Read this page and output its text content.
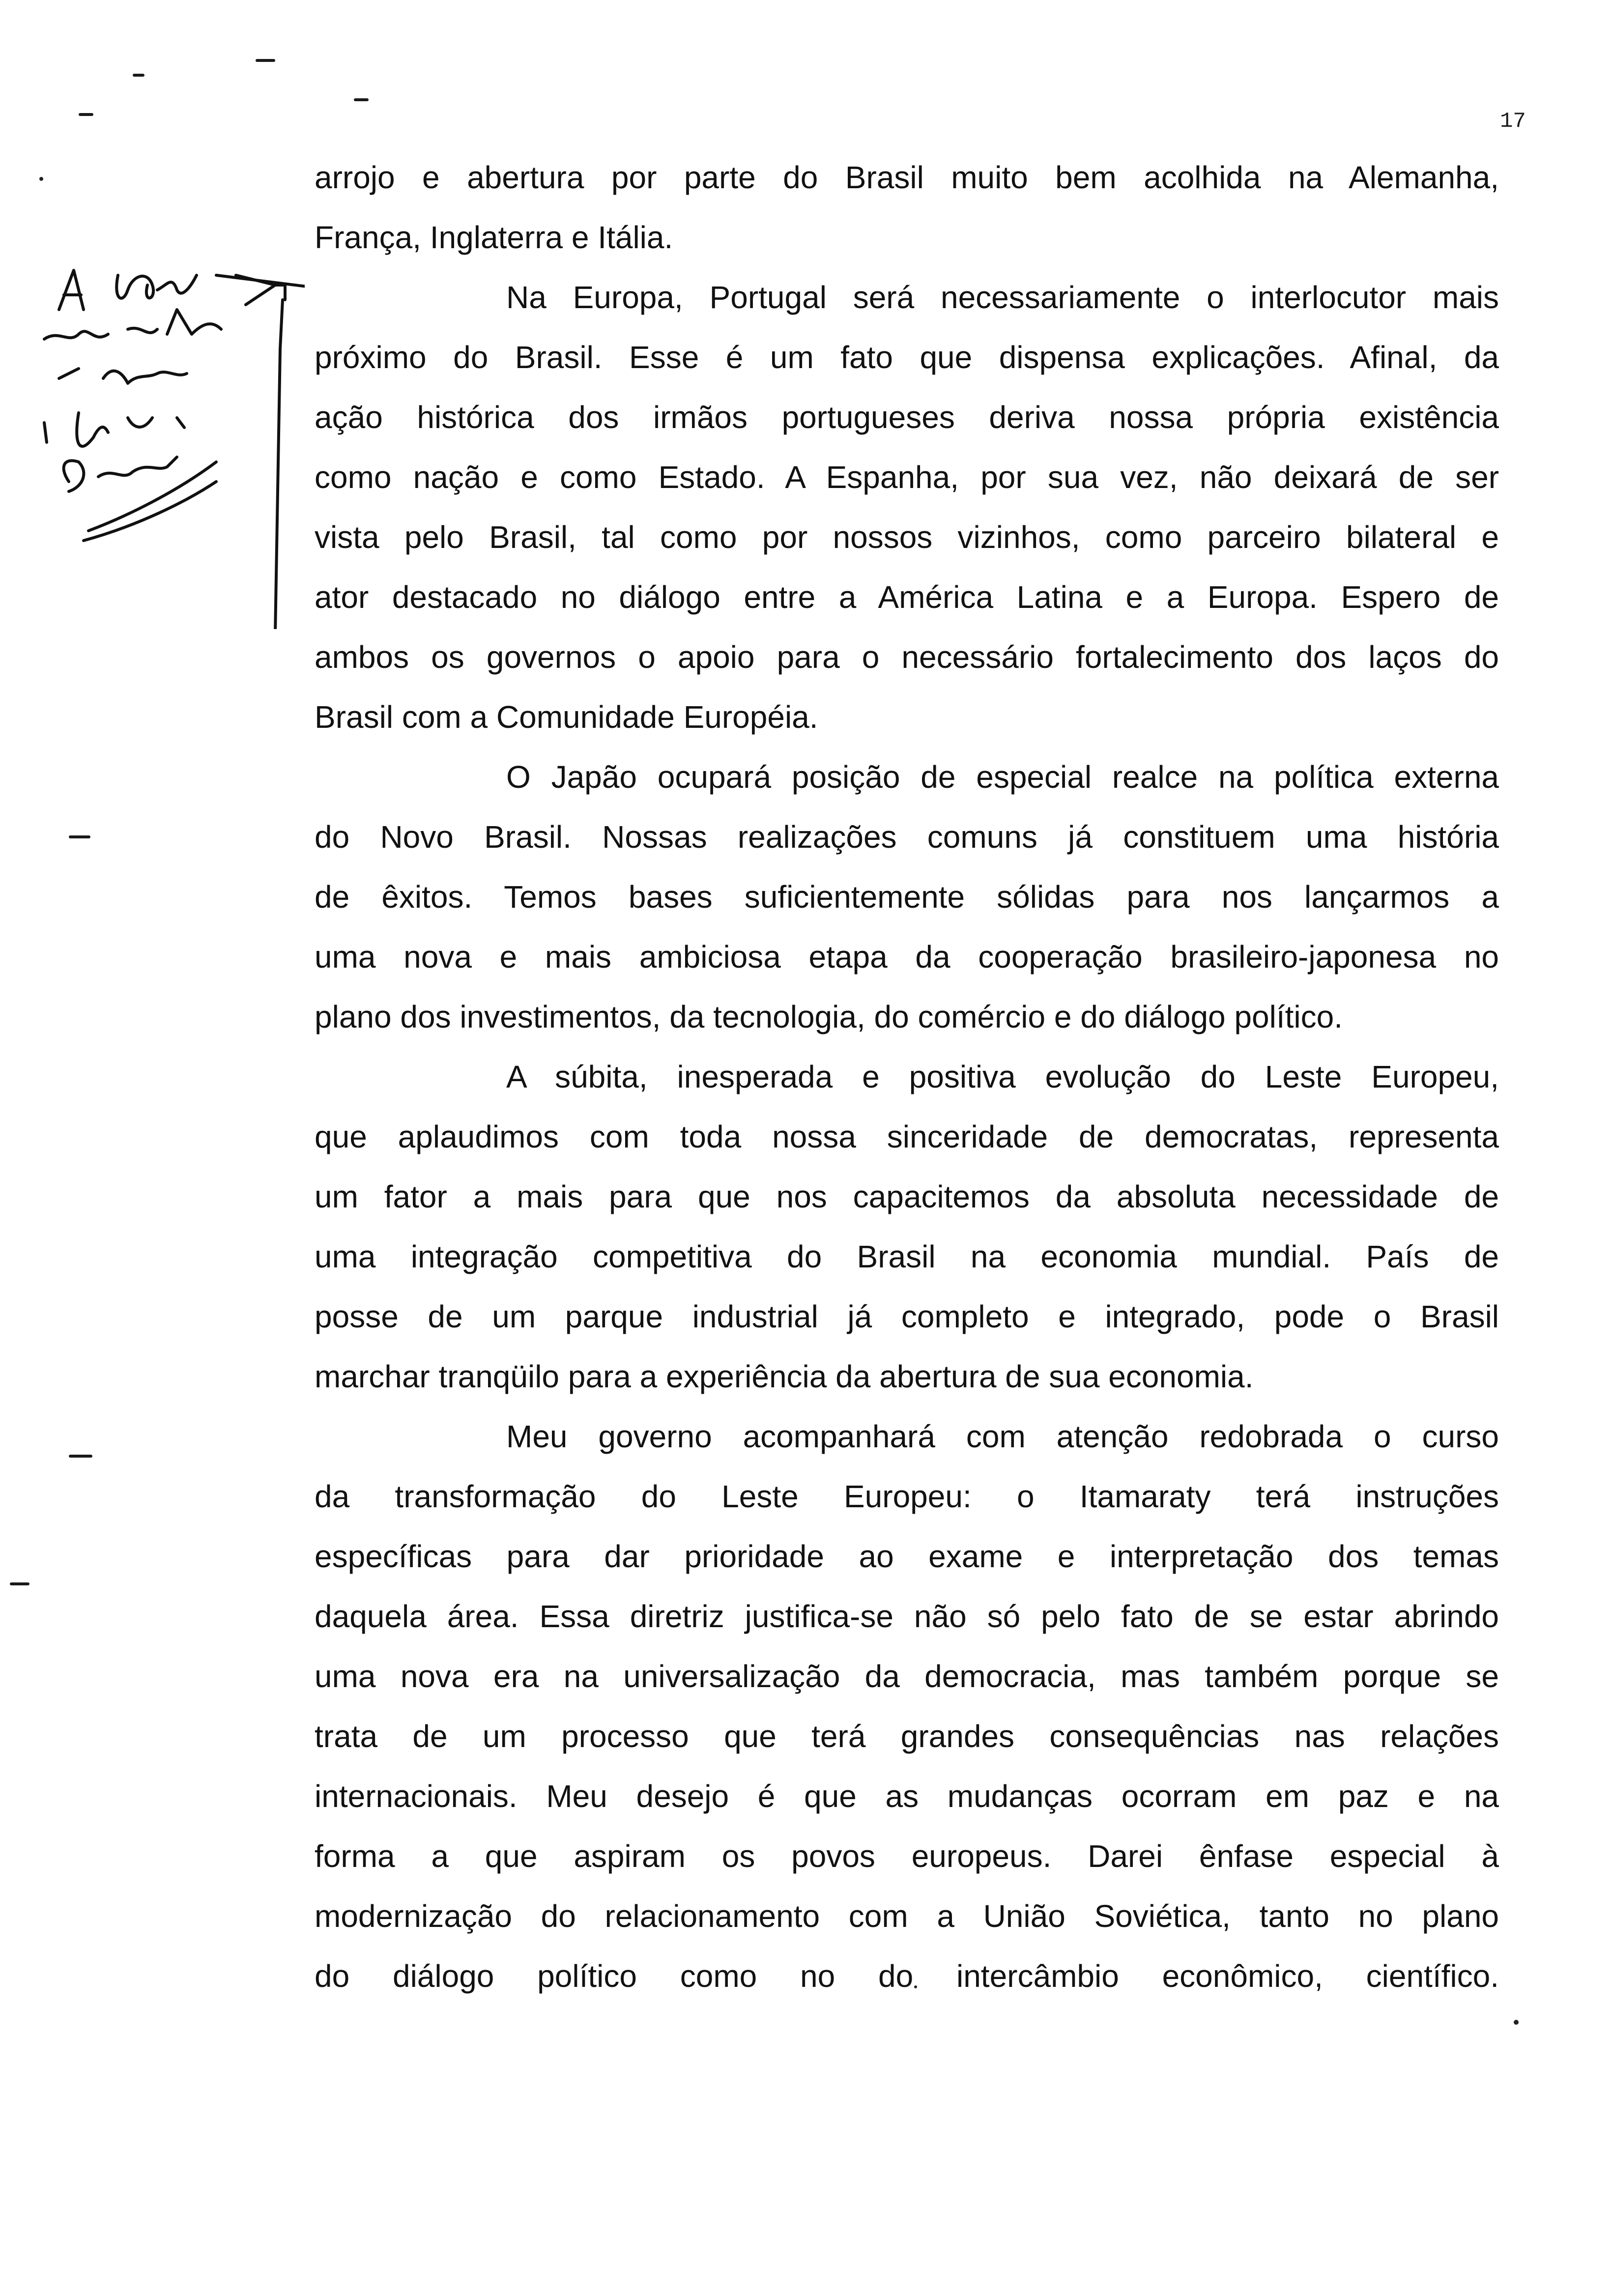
17
arrojo e abertura por parte do Brasil muito bem acolhida na Alemanha,
França, Inglaterra e Itália.
Na Europa, Portugal será necessariamente o interlocutor mais
próximo do Brasil. Esse é um fato que dispensa explicações. Afinal, da
ação histórica dos irmãos portugueses deriva nossa própria existência
como nação e como Estado. A Espanha, por sua vez, não deixará de ser
vista pelo Brasil, tal como por nossos vizinhos, como parceiro bilateral e
ator destacado no diálogo entre a América Latina e a Europa. Espero de
ambos os governos o apoio para o necessário fortalecimento dos laços do
Brasil com a Comunidade Européia.
O Japão ocupará posição de especial realce na política externa
do Novo Brasil. Nossas realizações comuns já constituem uma história
de êxitos. Temos bases suficientemente sólidas para nos lançarmos a
uma nova e mais ambiciosa etapa da cooperação brasileiro-japonesa no
plano dos investimentos, da tecnologia, do comércio e do diálogo político.
A súbita, inesperada e positiva evolução do Leste Europeu,
que aplaudimos com toda nossa sinceridade de democratas, representa
um fator a mais para que nos capacitemos da absoluta necessidade de
uma integração competitiva do Brasil na economia mundial. País de
posse de um parque industrial já completo e integrado, pode o Brasil
marchar tranqüilo para a experiência da abertura de sua economia.
Meu governo acompanhará com atenção redobrada o curso
da transformação do Leste Europeu: o Itamaraty terá instruções
específicas para dar prioridade ao exame e interpretação dos temas
daquela área. Essa diretriz justifica-se não só pelo fato de se estar abrindo
uma nova era na universalização da democracia, mas também porque se
trata de um processo que terá grandes consequências nas relações
internacionais. Meu desejo é que as mudanças ocorram em paz e na
forma a que aspiram os povos europeus. Darei ênfase especial à
modernização do relacionamento com a União Soviética, tanto no plano
do diálogo político como no do intercâmbio econômico, científico.
